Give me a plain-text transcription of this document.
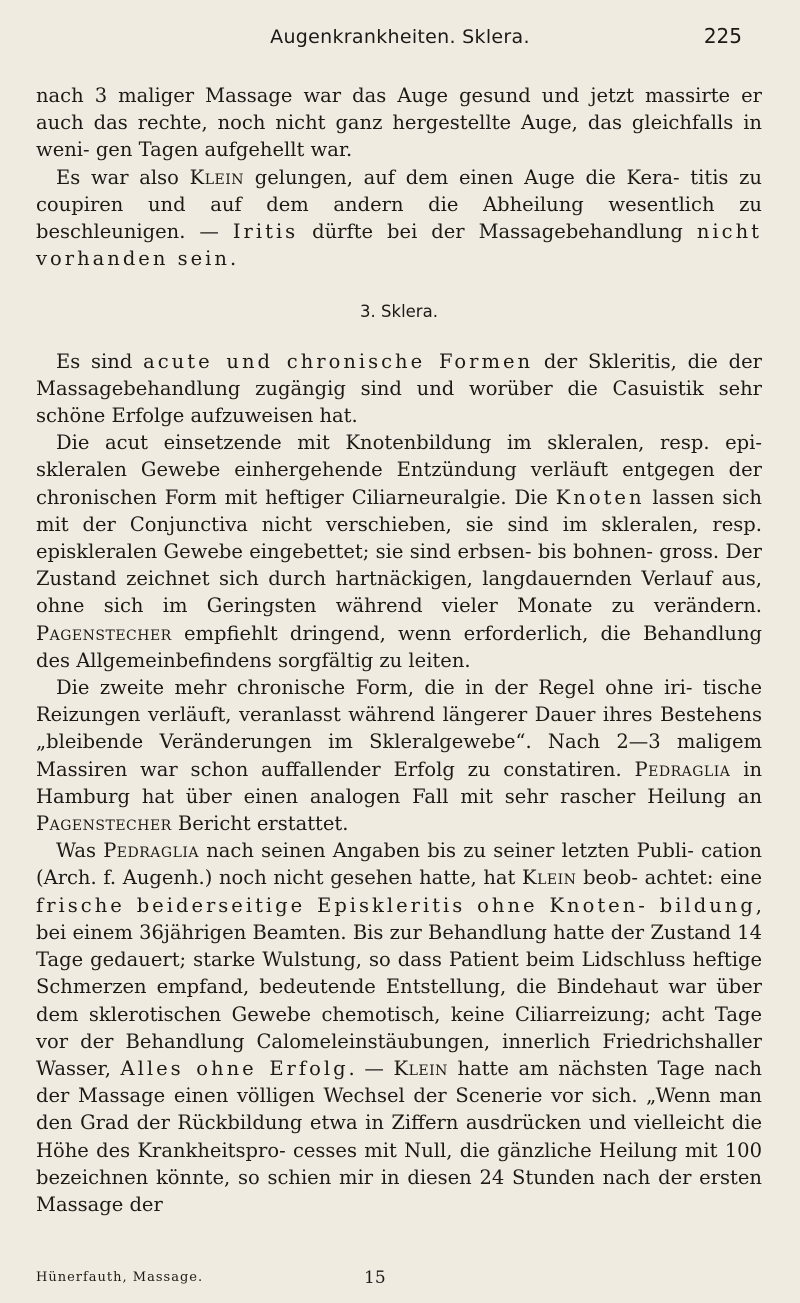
Augenkrankheiten. Sklera.	225

nach 3 maliger Massage war das Auge gesund und jetzt massirte er auch das rechte, noch nicht ganz hergestellte Auge, das gleichfalls in weni- gen Tagen aufgehellt war.

Es war also Klein gelungen, auf dem einen Auge die Kera- titis zu coupiren und auf dem andern die Abheilung wesentlich zu beschleunigen. — Iritis dürfte bei der Massagebehandlung nicht vorhanden sein.

3. Sklera.

Es sind acute und chronische Formen der Skleritis, die der Massagebehandlung zugängig sind und worüber die Casuistik sehr schöne Erfolge aufzuweisen hat.

Die acut einsetzende mit Knotenbildung im skleralen, resp. epi- skleralen Gewebe einhergehende Entzündung verläuft entgegen der chronischen Form mit heftiger Ciliarneuralgie. Die Knoten lassen sich mit der Conjunctiva nicht verschieben, sie sind im skleralen, resp. episkleralen Gewebe eingebettet; sie sind erbsen- bis bohnen- gross. Der Zustand zeichnet sich durch hartnäckigen, langdauernden Verlauf aus, ohne sich im Geringsten während vieler Monate zu verändern. Pagenstecher empfiehlt dringend, wenn erforderlich, die Behandlung des Allgemeinbefindens sorgfältig zu leiten.

Die zweite mehr chronische Form, die in der Regel ohne iri- tische Reizungen verläuft, veranlasst während längerer Dauer ihres Bestehens „bleibende Veränderungen im Skleralgewebe“. Nach 2—3 maligem Massiren war schon auffallender Erfolg zu constatiren. Pedraglia in Hamburg hat über einen analogen Fall mit sehr rascher Heilung an Pagenstecher Bericht erstattet.

Was Pedraglia nach seinen Angaben bis zu seiner letzten Publi- cation (Arch. f. Augenh.) noch nicht gesehen hatte, hat Klein beob- achtet: eine frische beiderseitige Episkleritis ohne Knoten- bildung, bei einem 36jährigen Beamten. Bis zur Behandlung hatte der Zustand 14 Tage gedauert; starke Wulstung, so dass Patient beim Lidschluss heftige Schmerzen empfand, bedeutende Entstellung, die Bindehaut war über dem sklerotischen Gewebe chemotisch, keine Ciliarreizung; acht Tage vor der Behandlung Calomeleinstäubungen, innerlich Friedrichshaller Wasser, Alles ohne Erfolg. — Klein hatte am nächsten Tage nach der Massage einen völligen Wechsel der Scenerie vor sich. „Wenn man den Grad der Rückbildung etwa in Ziffern ausdrücken und vielleicht die Höhe des Krankheitspro- cesses mit Null, die gänzliche Heilung mit 100 bezeichnen könnte, so schien mir in diesen 24 Stunden nach der ersten Massage der

Hünerfauth, Massage.	15
